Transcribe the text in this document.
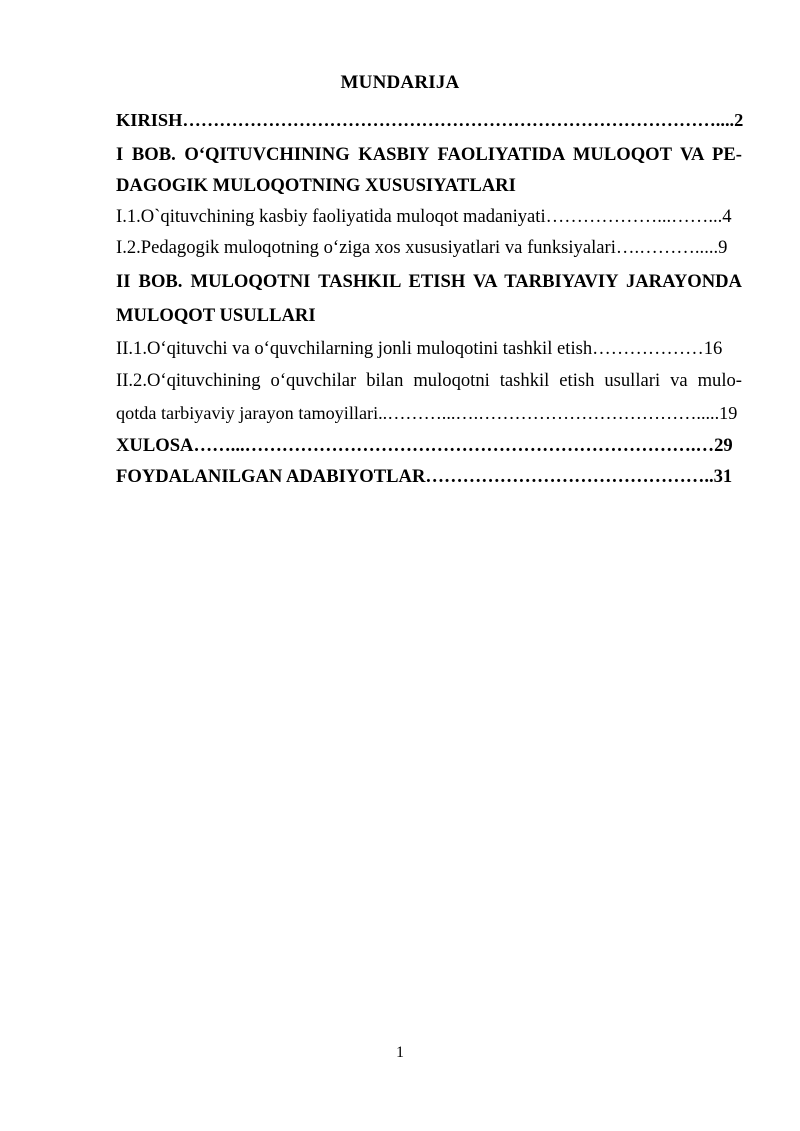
MUNDARIJA
KIRISH……………………………………………………………………………....2
I BOB. O‘QITUVCHINING KASBIY FAOLIYATIDA MULOQOT VA PE-
DAGOGIK MULOQOTNING XUSUSIYATLARI
I.1.O`qituvchining kasbiy faoliyatida muloqot madaniyati………………...……...4
I.2.Pedagogik muloqotning o‘ziga xos xususiyatlari va funksiyalari….……….....9
II BOB. MULOQOTNI TASHKIL ETISH VA TARBIYAVIY JARAYONDA
MULOQOT USULLARI
II.1.O‘qituvchi va o‘quvchilarning jonli muloqotini tashkil etish………………16
II.2.O‘qituvchining o‘quvchilar bilan muloqotni tashkil etish usullari va mulo-
qotda tarbiyaviy jarayon tamoyillari..………...….……………………………….....19
XULOSA……...……………………………………………………………….…29
FOYDALANILGAN ADABIYOTLAR………………………………………..31
1
